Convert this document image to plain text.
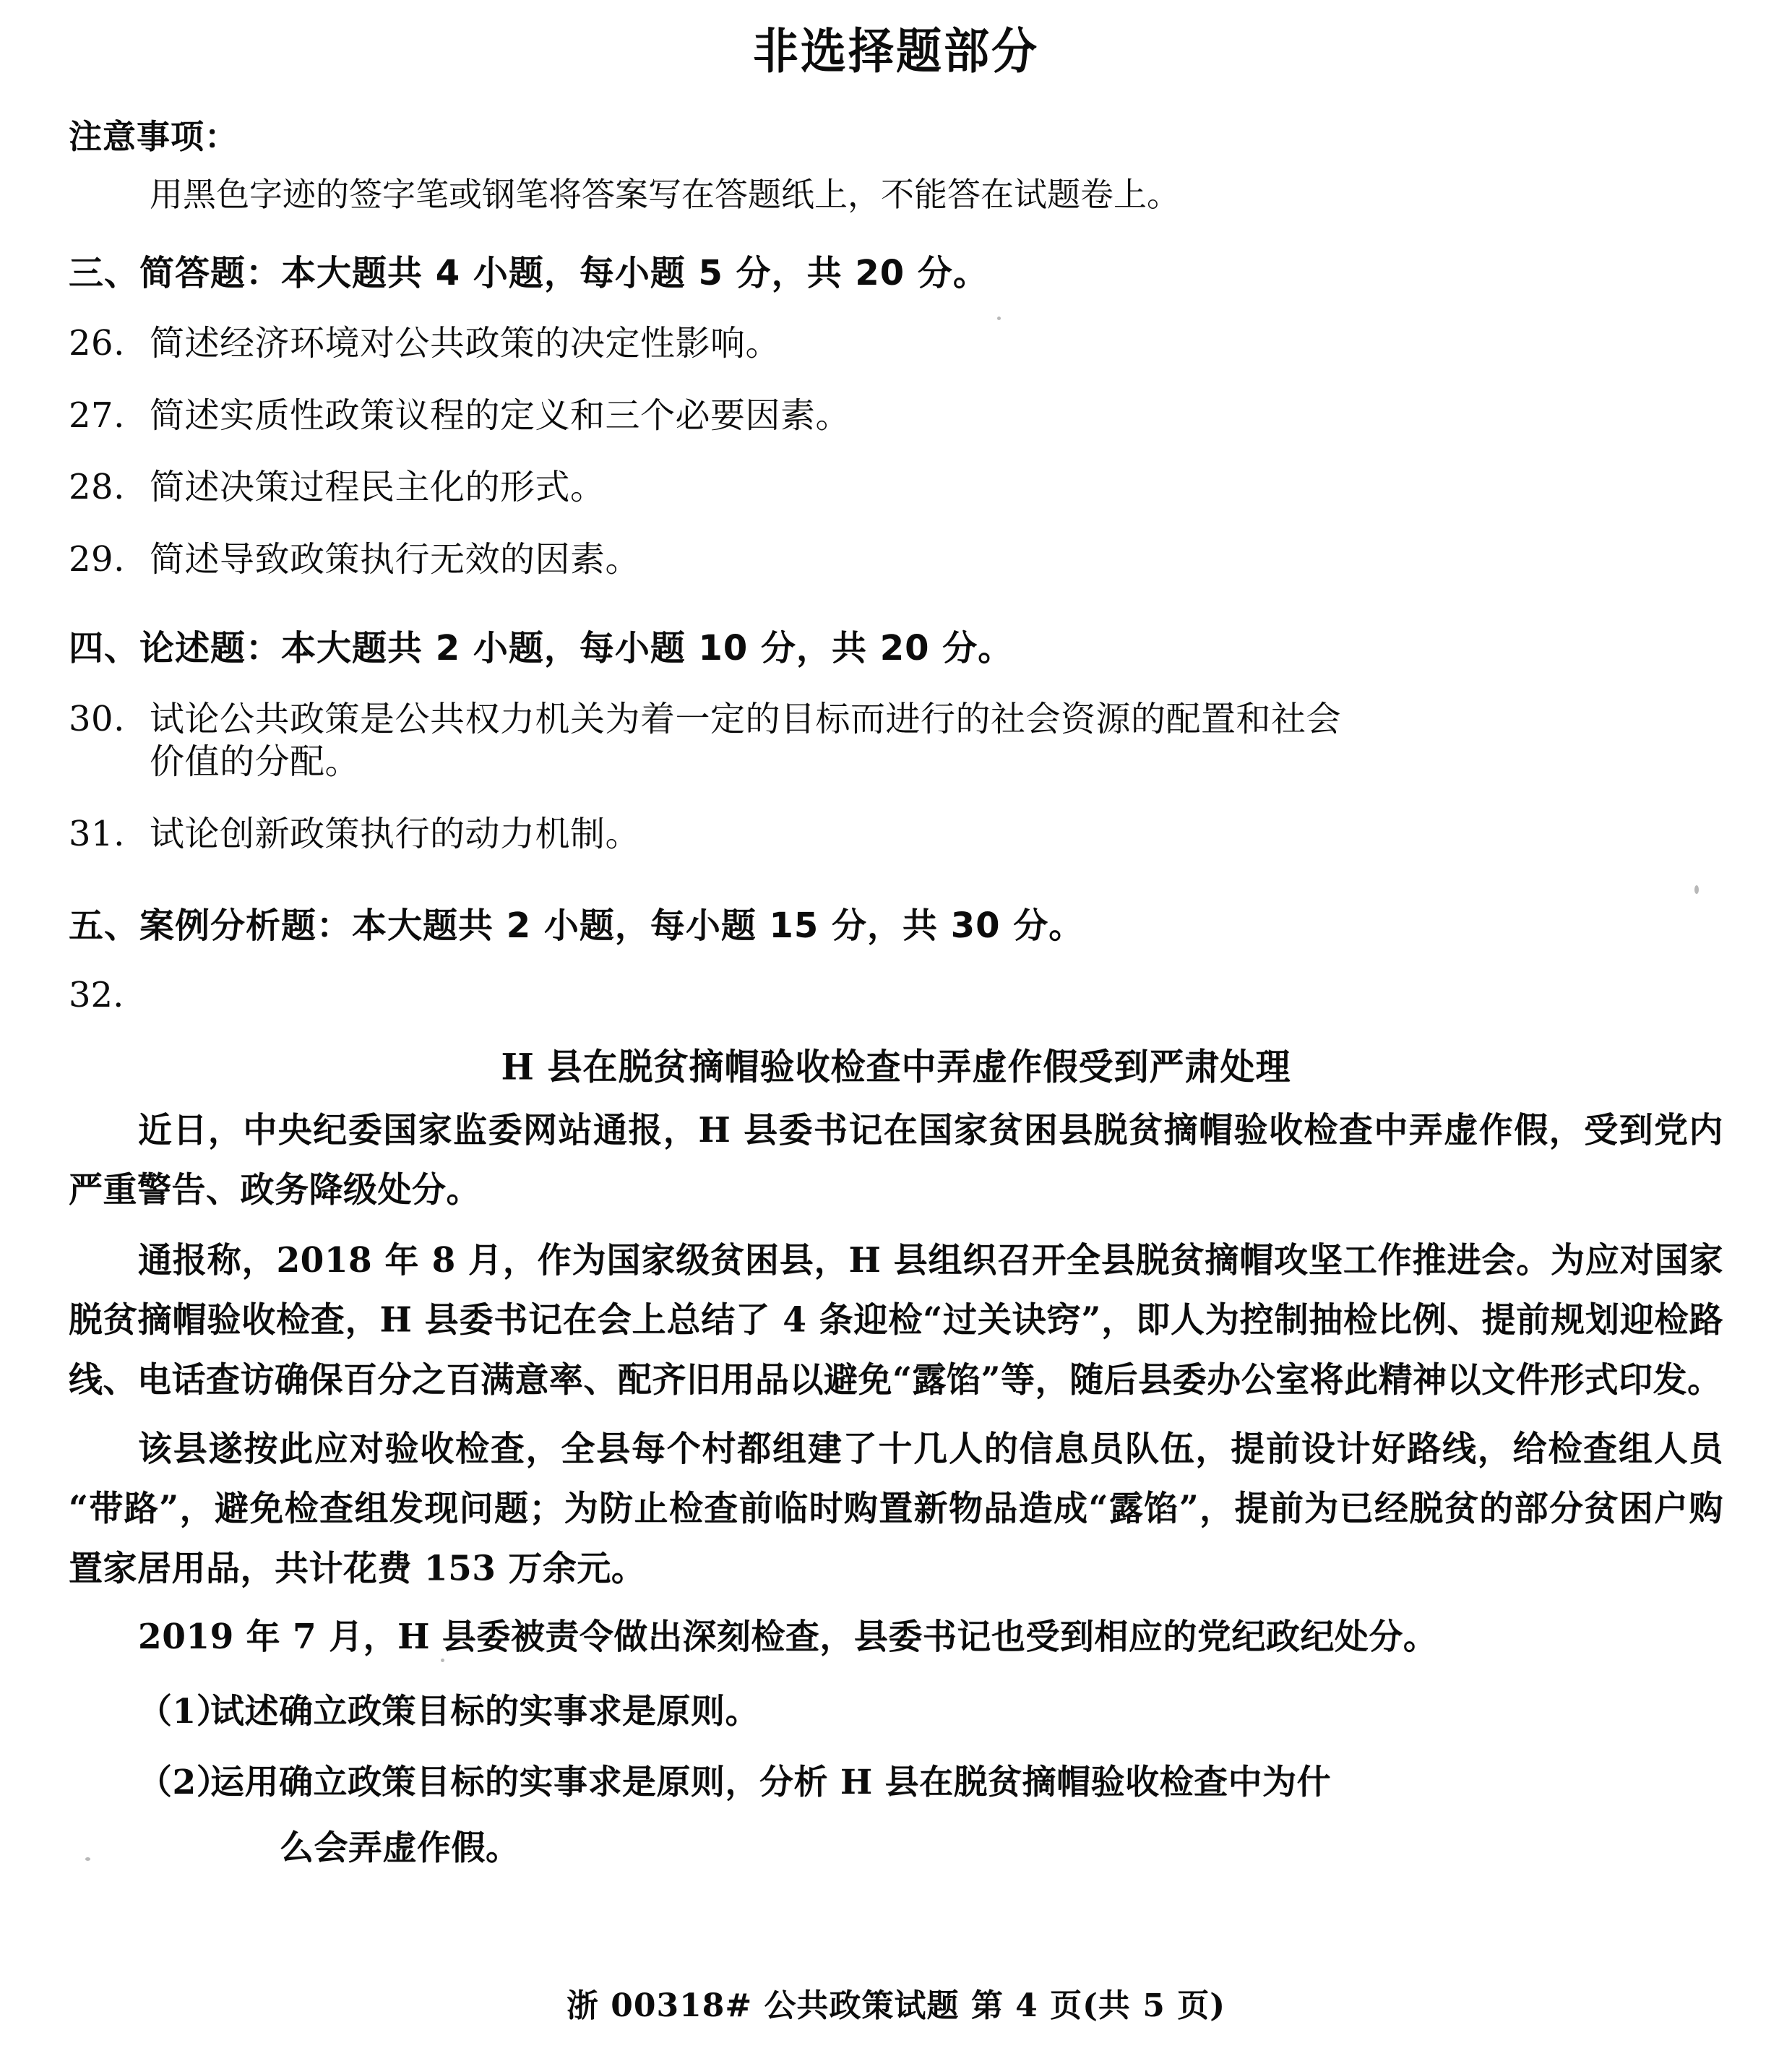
非选择题部分
注意事项：
用黑色字迹的签字笔或钢笔将答案写在答题纸上，不能答在试题卷上。
三、简答题：本大题共 4 小题，每小题 5 分，共 20 分。
26. 简述经济环境对公共政策的决定性影响。
27. 简述实质性政策议程的定义和三个必要因素。
28. 简述决策过程民主化的形式。
29. 简述导致政策执行无效的因素。
四、论述题：本大题共 2 小题，每小题 10 分，共 20 分。
30. 试论公共政策是公共权力机关为着一定的目标而进行的社会资源的配置和社会
价值的分配。
31. 试论创新政策执行的动力机制。
五、案例分析题：本大题共 2 小题，每小题 15 分，共 30 分。
32.
H 县在脱贫摘帽验收检查中弄虚作假受到严肃处理
近日，中央纪委国家监委网站通报，H 县委书记在国家贫困县脱贫摘帽验收检查中弄虚作假，受到党内严重警告、政务降级处分。
通报称，2018 年 8 月，作为国家级贫困县，H 县组织召开全县脱贫摘帽攻坚工作推进会。为应对国家脱贫摘帽验收检查，H 县委书记在会上总结了 4 条迎检“过关诀窍”，即人为控制抽检比例、提前规划迎检路线、电话查访确保百分之百满意率、配齐旧用品以避免“露馅”等，随后县委办公室将此精神以文件形式印发。
该县遂按此应对验收检查，全县每个村都组建了十几人的信息员队伍，提前设计好路线，给检查组人员“带路”，避免检查组发现问题；为防止检查前临时购置新物品造成“露馅”，提前为已经脱贫的部分贫困户购置家居用品，共计花费 153 万余元。
2019 年 7 月，H 县委被责令做出深刻检查，县委书记也受到相应的党纪政纪处分。
（1）
试述确立政策目标的实事求是原则。
（2）
运用确立政策目标的实事求是原则，分析 H 县在脱贫摘帽验收检查中为什
么会弄虚作假。
浙 00318# 公共政策试题 第 4 页(共 5 页)
